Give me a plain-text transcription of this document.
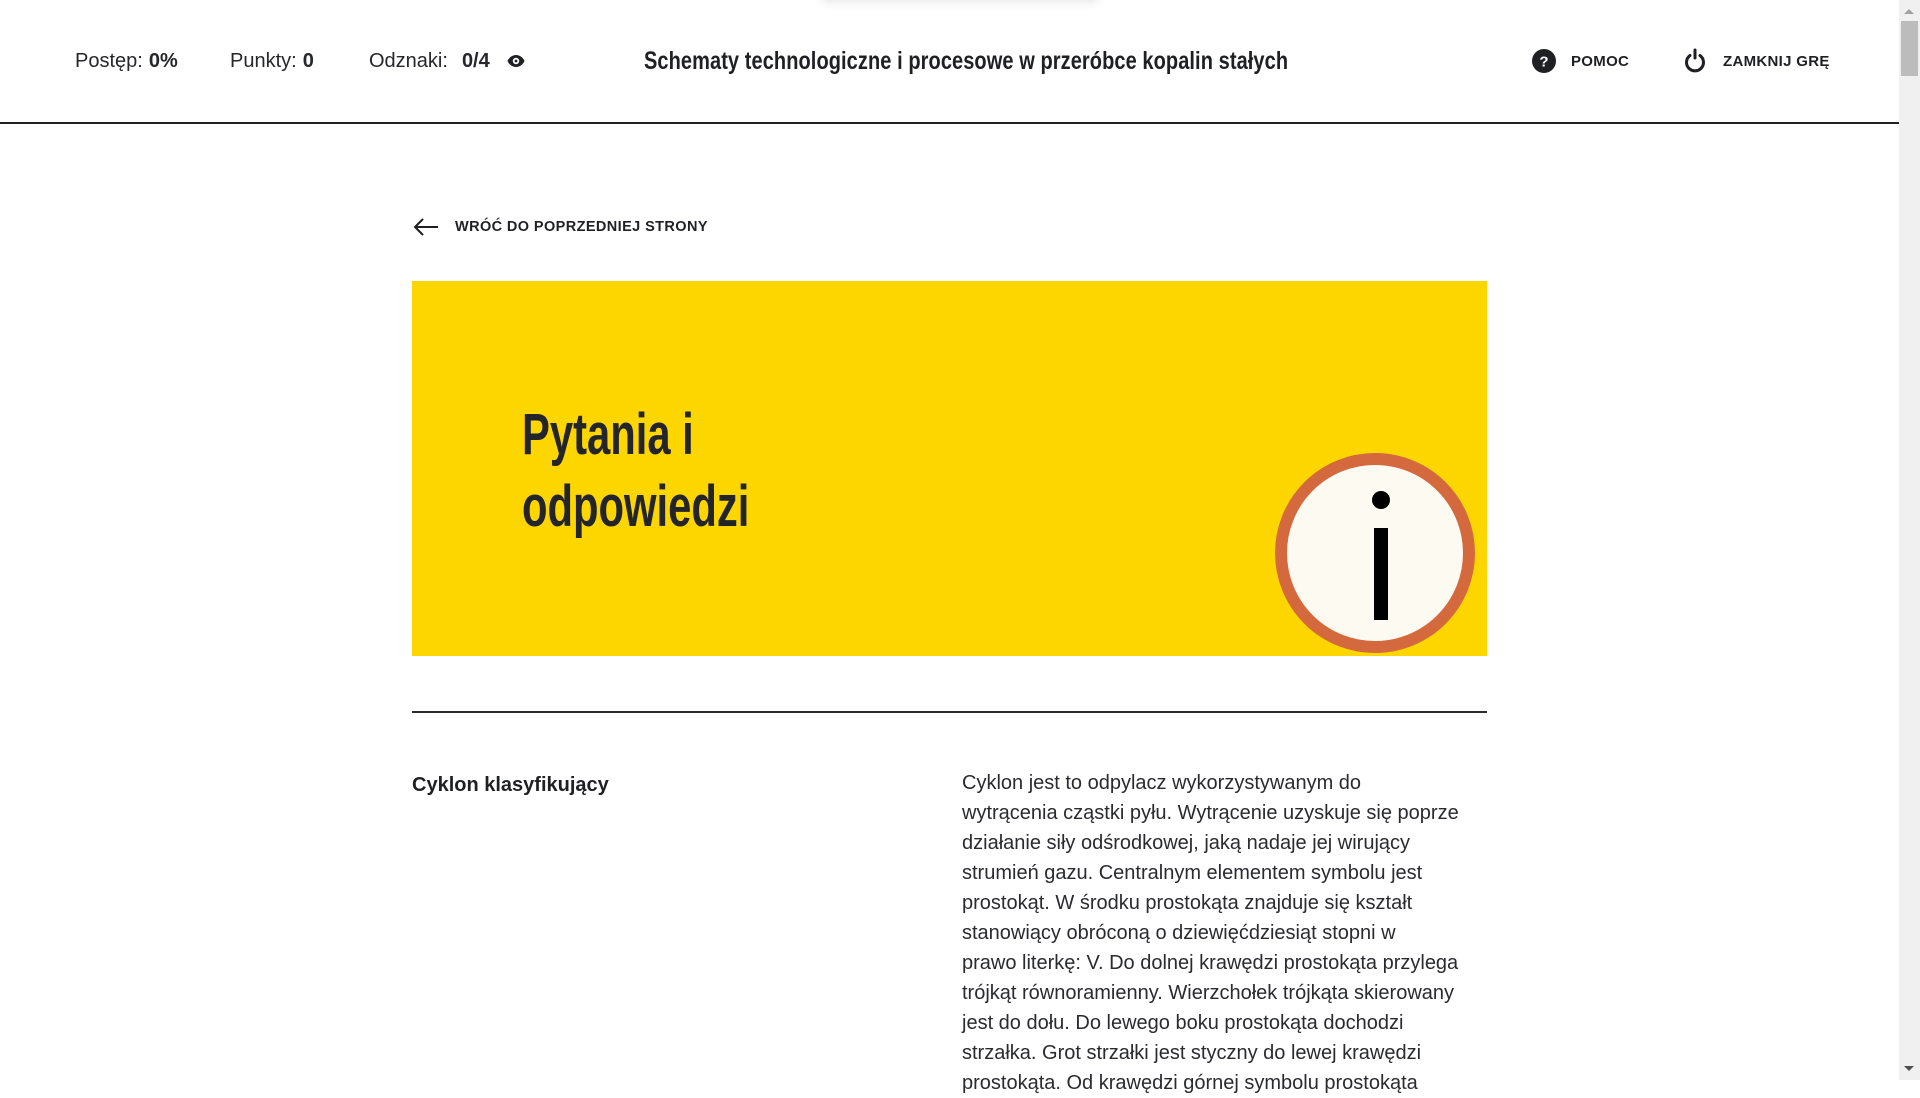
Postęp: 0%	Punkty: 0	Odznaki: 0/4	Schematy technologiczne i procesowe w przeróbce kopalin stałych	? POMOC	ZAMKNIJ GRĘ
WRÓĆ DO POPRZEDNIEJ STRONY
Pytania i
odpowiedzi
Cyklon klasyfikujący	Cyklon jest to odpylacz wykorzystywanym do
wytrącenia cząstki pyłu. Wytrącenie uzyskuje się poprze
działanie siły odśrodkowej, jaką nadaje jej wirujący
strumień gazu. Centralnym elementem symbolu jest
prostokąt. W środku prostokąta znajduje się kształt
stanowiący obróconą o dziewięćdziesiąt stopni w
prawo literkę: V. Do dolnej krawędzi prostokąta przylega
trójkąt równoramienny. Wierzchołek trójkąta skierowany
jest do dołu. Do lewego boku prostokąta dochodzi
strzałka. Grot strzałki jest styczny do lewej krawędzi
prostokąta. Od krawędzi górnej symbolu prostokąta
